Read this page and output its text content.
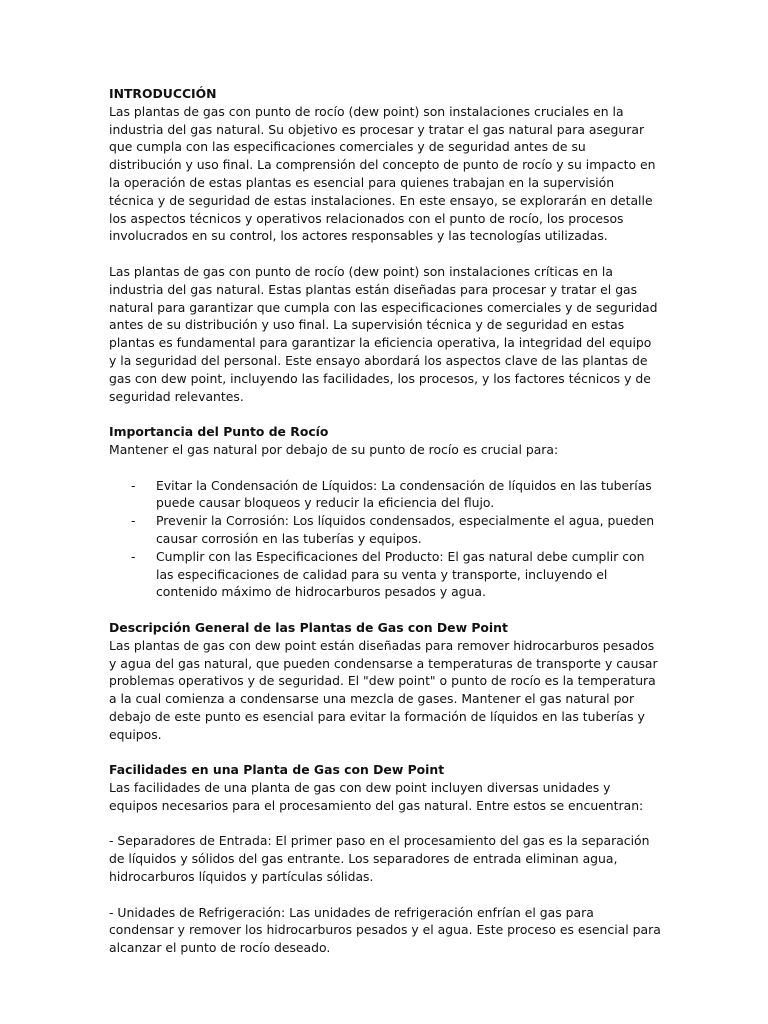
INTRODUCCIÓN

Las plantas de gas con punto de rocío (dew point) son instalaciones cruciales en la industria del gas natural. Su objetivo es procesar y tratar el gas natural para asegurar que cumpla con las especificaciones comerciales y de seguridad antes de su distribución y uso final. La comprensión del concepto de punto de rocío y su impacto en la operación de estas plantas es esencial para quienes trabajan en la supervisión técnica y de seguridad de estas instalaciones. En este ensayo, se explorarán en detalle los aspectos técnicos y operativos relacionados con el punto de rocío, los procesos involucrados en su control, los actores responsables y las tecnologías utilizadas.

Las plantas de gas con punto de rocío (dew point) son instalaciones críticas en la industria del gas natural. Estas plantas están diseñadas para procesar y tratar el gas natural para garantizar que cumpla con las especificaciones comerciales y de seguridad antes de su distribución y uso final. La supervisión técnica y de seguridad en estas plantas es fundamental para garantizar la eficiencia operativa, la integridad del equipo y la seguridad del personal. Este ensayo abordará los aspectos clave de las plantas de gas con dew point, incluyendo las facilidades, los procesos, y los factores técnicos y de seguridad relevantes.

Importancia del Punto de Rocío

Mantener el gas natural por debajo de su punto de rocío es crucial para:

- Evitar la Condensación de Líquidos: La condensación de líquidos en las tuberías puede causar bloqueos y reducir la eficiencia del flujo.
- Prevenir la Corrosión: Los líquidos condensados, especialmente el agua, pueden causar corrosión en las tuberías y equipos.
- Cumplir con las Especificaciones del Producto: El gas natural debe cumplir con las especificaciones de calidad para su venta y transporte, incluyendo el contenido máximo de hidrocarburos pesados y agua.

Descripción General de las Plantas de Gas con Dew Point

Las plantas de gas con dew point están diseñadas para remover hidrocarburos pesados y agua del gas natural, que pueden condensarse a temperaturas de transporte y causar problemas operativos y de seguridad. El "dew point" o punto de rocío es la temperatura a la cual comienza a condensarse una mezcla de gases. Mantener el gas natural por debajo de este punto es esencial para evitar la formación de líquidos en las tuberías y equipos.

Facilidades en una Planta de Gas con Dew Point

Las facilidades de una planta de gas con dew point incluyen diversas unidades y equipos necesarios para el procesamiento del gas natural. Entre estos se encuentran:

- Separadores de Entrada: El primer paso en el procesamiento del gas es la separación de líquidos y sólidos del gas entrante. Los separadores de entrada eliminan agua, hidrocarburos líquidos y partículas sólidas.

- Unidades de Refrigeración: Las unidades de refrigeración enfrían el gas para condensar y remover los hidrocarburos pesados y el agua. Este proceso es esencial para alcanzar el punto de rocío deseado.
